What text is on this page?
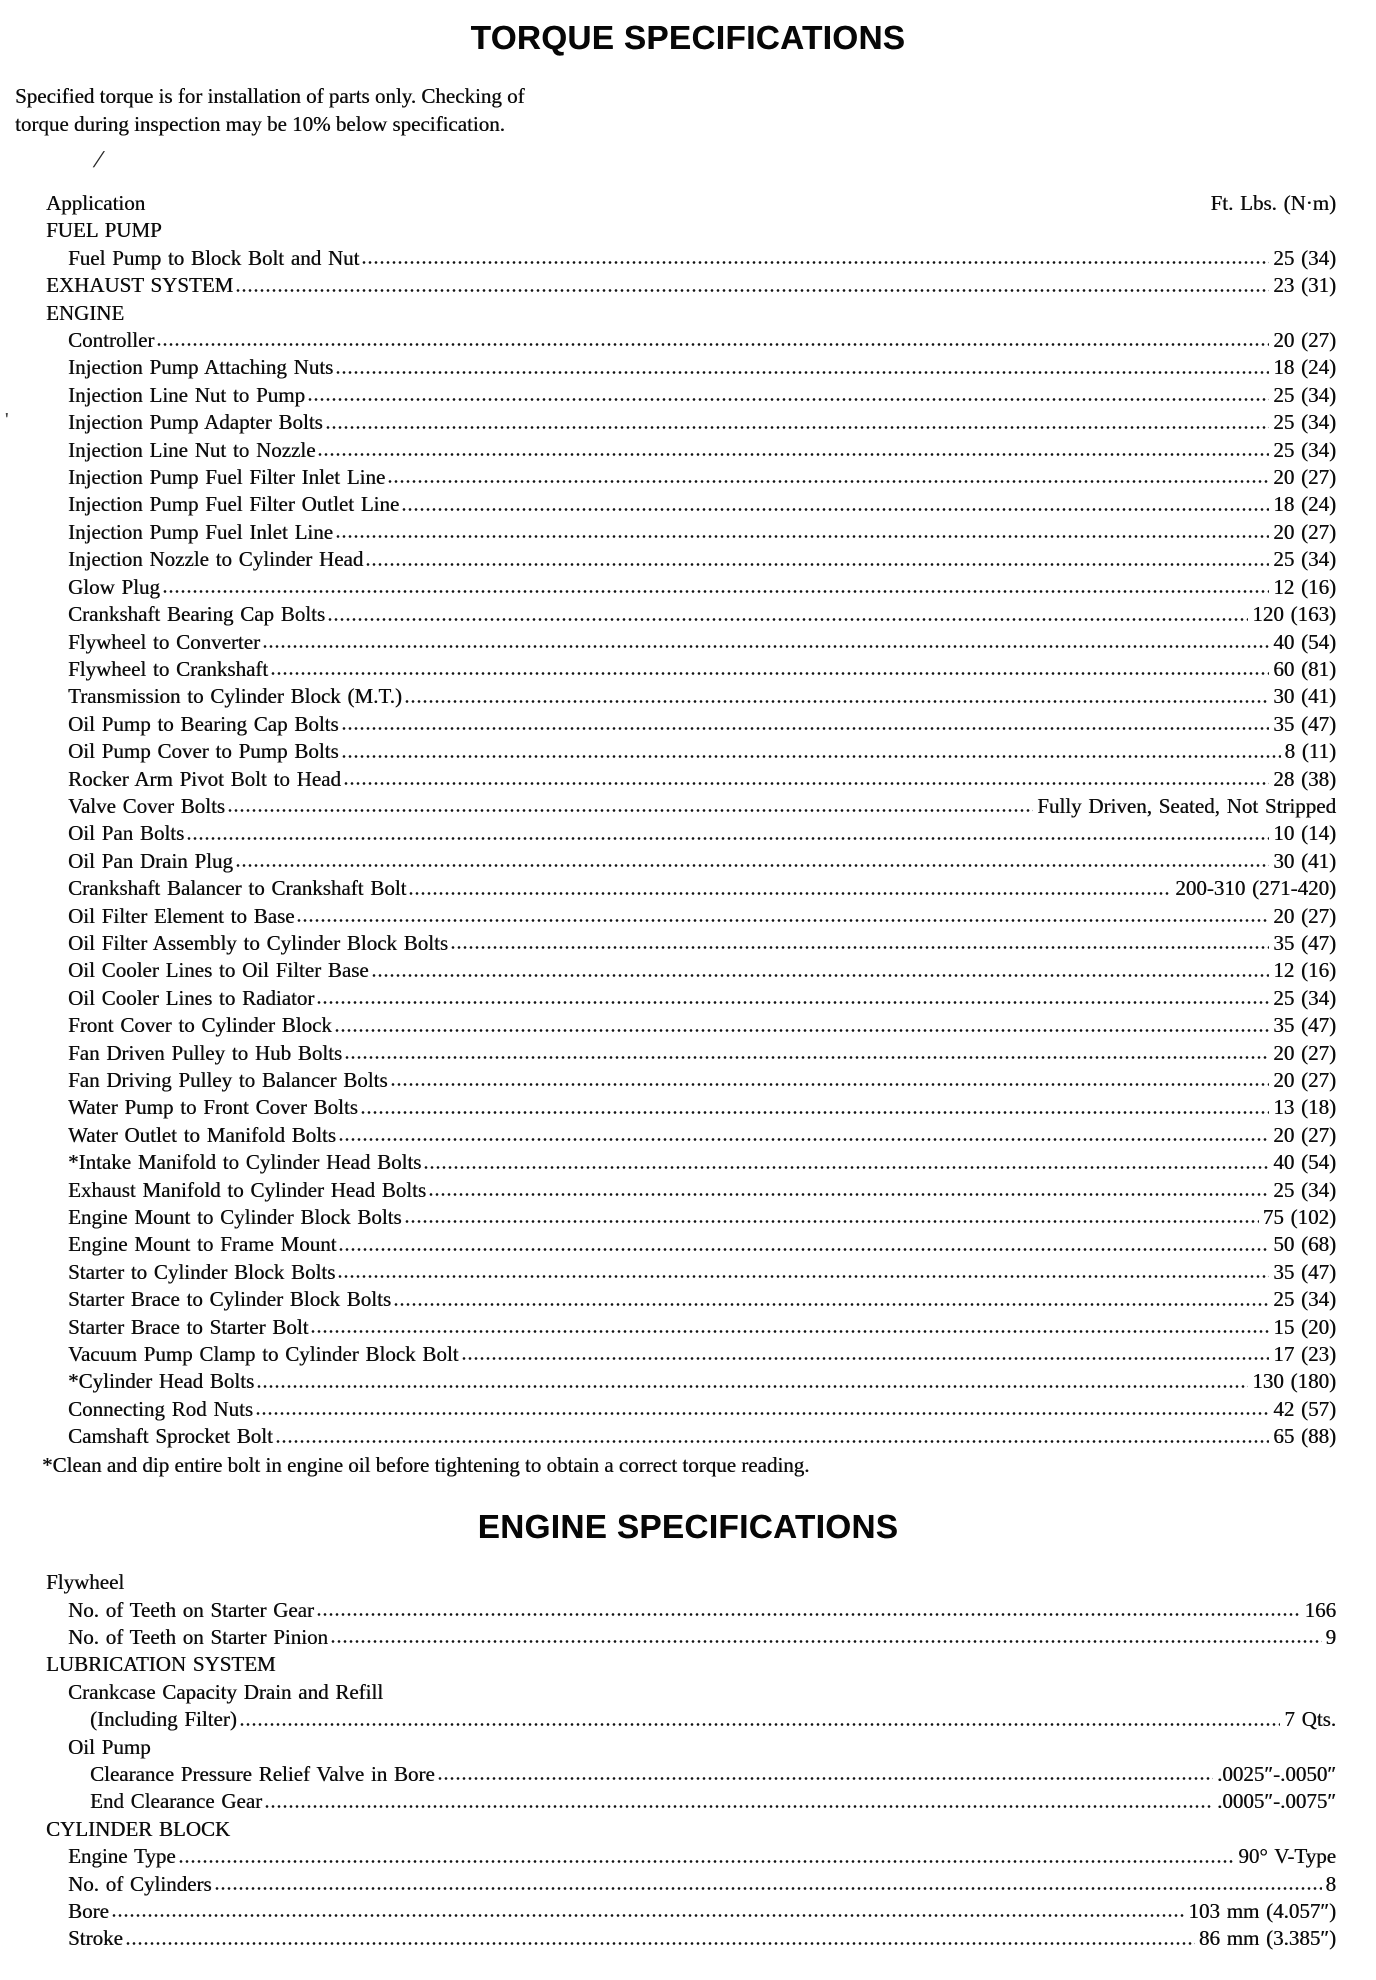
TORQUE SPECIFICATIONS
Specified torque is for installation of parts only. Checking of
torque during inspection may be 10% below specification.
/
'
Application	Ft. Lbs. (N·m)
FUEL PUMP
Fuel Pump to Block Bolt and Nut	25 (34)
EXHAUST SYSTEM	23 (31)
ENGINE
Controller	20 (27)
Injection Pump Attaching Nuts	18 (24)
Injection Line Nut to Pump	25 (34)
Injection Pump Adapter Bolts	25 (34)
Injection Line Nut to Nozzle	25 (34)
Injection Pump Fuel Filter Inlet Line	20 (27)
Injection Pump Fuel Filter Outlet Line	18 (24)
Injection Pump Fuel Inlet Line	20 (27)
Injection Nozzle to Cylinder Head	25 (34)
Glow Plug	12 (16)
Crankshaft Bearing Cap Bolts	120 (163)
Flywheel to Converter	40 (54)
Flywheel to Crankshaft	60 (81)
Transmission to Cylinder Block (M.T.)	30 (41)
Oil Pump to Bearing Cap Bolts	35 (47)
Oil Pump Cover to Pump Bolts	8 (11)
Rocker Arm Pivot Bolt to Head	28 (38)
Valve Cover Bolts	Fully Driven, Seated, Not Stripped
Oil Pan Bolts	10 (14)
Oil Pan Drain Plug	30 (41)
Crankshaft Balancer to Crankshaft Bolt	200-310 (271-420)
Oil Filter Element to Base	20 (27)
Oil Filter Assembly to Cylinder Block Bolts	35 (47)
Oil Cooler Lines to Oil Filter Base	12 (16)
Oil Cooler Lines to Radiator	25 (34)
Front Cover to Cylinder Block	35 (47)
Fan Driven Pulley to Hub Bolts	20 (27)
Fan Driving Pulley to Balancer Bolts	20 (27)
Water Pump to Front Cover Bolts	13 (18)
Water Outlet to Manifold Bolts	20 (27)
*Intake Manifold to Cylinder Head Bolts	40 (54)
Exhaust Manifold to Cylinder Head Bolts	25 (34)
Engine Mount to Cylinder Block Bolts	75 (102)
Engine Mount to Frame Mount	50 (68)
Starter to Cylinder Block Bolts	35 (47)
Starter Brace to Cylinder Block Bolts	25 (34)
Starter Brace to Starter Bolt	15 (20)
Vacuum Pump Clamp to Cylinder Block Bolt	17 (23)
*Cylinder Head Bolts	130 (180)
Connecting Rod Nuts	42 (57)
Camshaft Sprocket Bolt	65 (88)
*Clean and dip entire bolt in engine oil before tightening to obtain a correct torque reading.
ENGINE SPECIFICATIONS
Flywheel
No. of Teeth on Starter Gear	166
No. of Teeth on Starter Pinion	9
LUBRICATION SYSTEM
Crankcase Capacity Drain and Refill
(Including Filter)	7 Qts.
Oil Pump
Clearance Pressure Relief Valve in Bore	.0025″-.0050″
End Clearance Gear	.0005″-.0075″
CYLINDER BLOCK
Engine Type	90° V-Type
No. of Cylinders	8
Bore	103 mm (4.057″)
Stroke	86 mm (3.385″)
